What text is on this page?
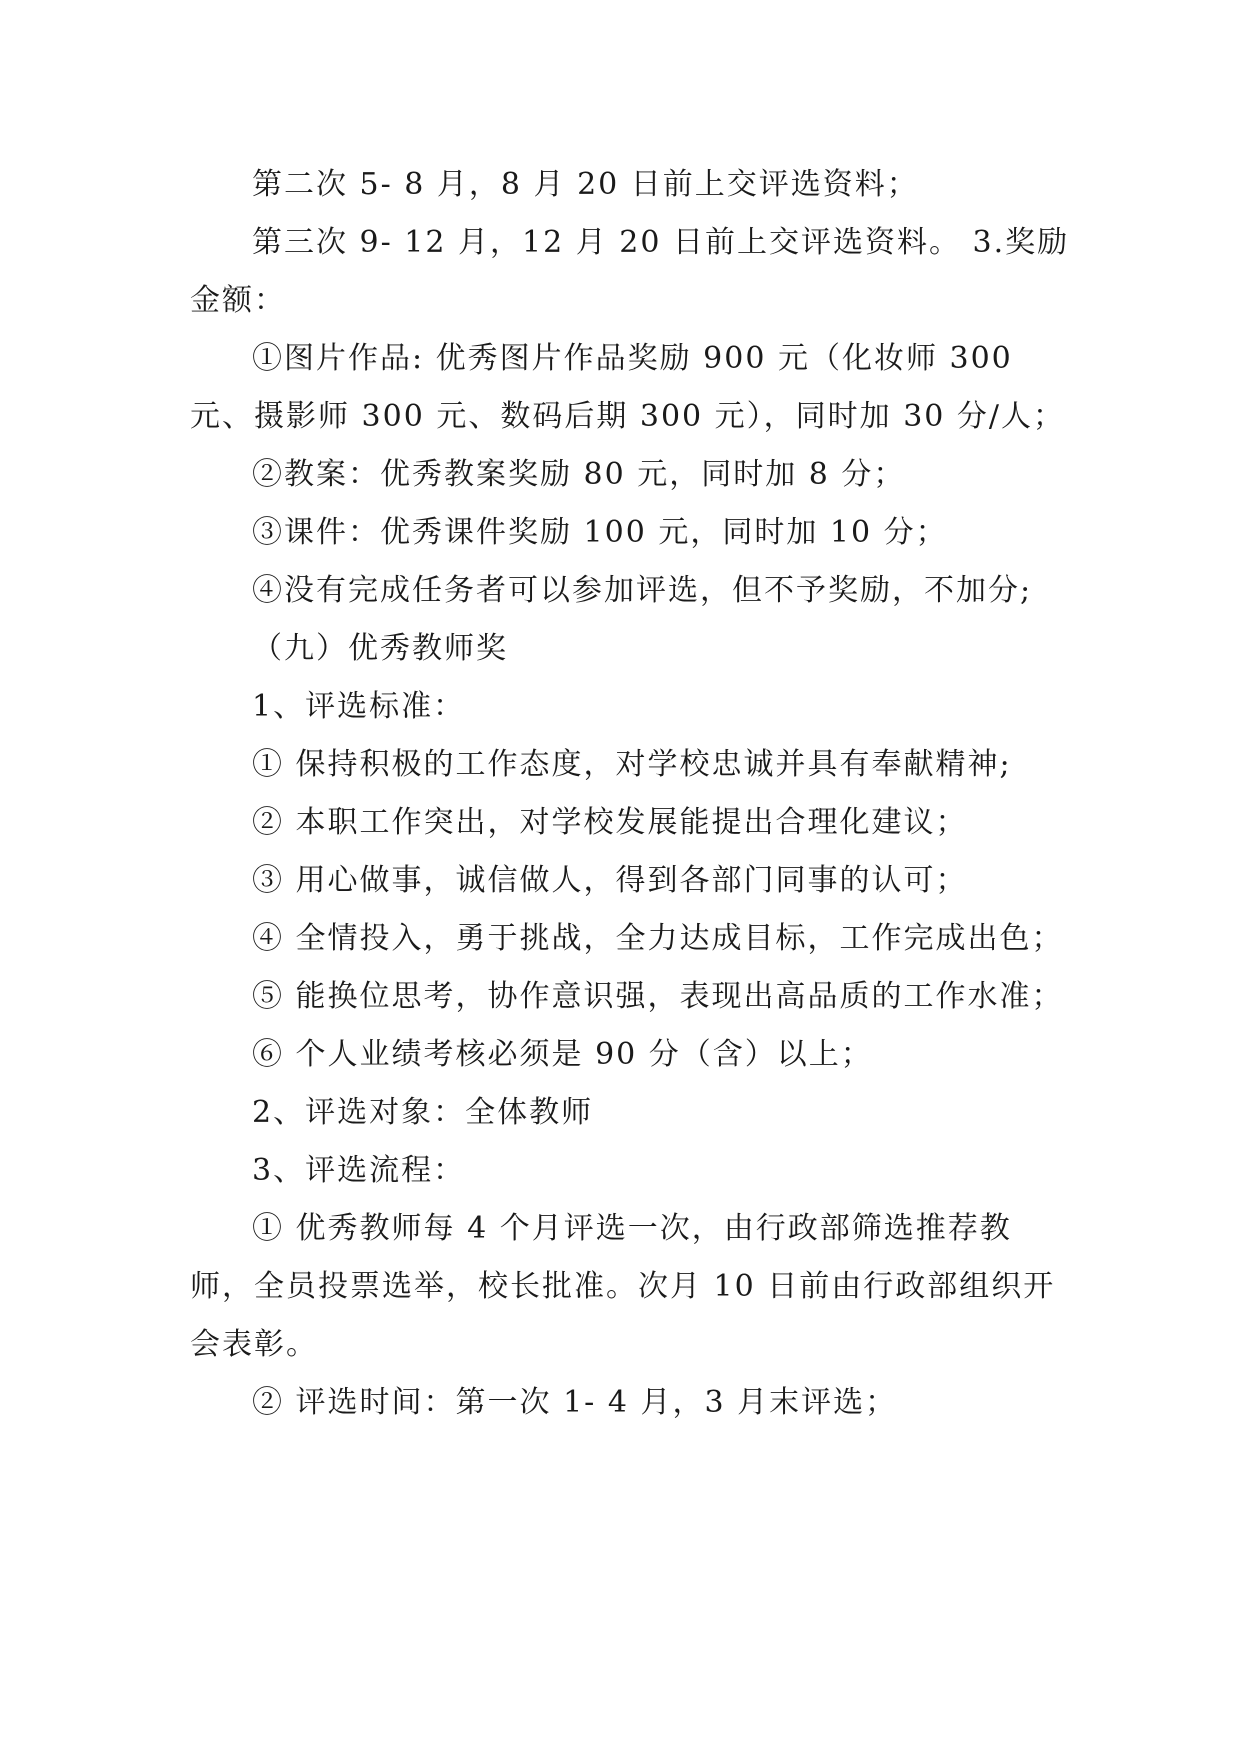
第二次 5- 8 月，8 月 20 日前上交评选资料；

第三次 9- 12 月，12 月 20 日前上交评选资料。 3.奖励金额：

①图片作品: 优秀图片作品奖励 900 元（化妆师 300 元、摄影师 300 元、数码后期 300 元），同时加 30 分/人；

②教案：优秀教案奖励 80 元，同时加 8 分；

③课件：优秀课件奖励 100 元，同时加 10 分；

④没有完成任务者可以参加评选，但不予奖励，不加分;

（九）优秀教师奖

1、评选标准：

① 保持积极的工作态度，对学校忠诚并具有奉献精神;

② 本职工作突出，对学校发展能提出合理化建议；

③ 用心做事，诚信做人，得到各部门同事的认可；

④ 全情投入，勇于挑战，全力达成目标，工作完成出色；

⑤ 能换位思考，协作意识强，表现出高品质的工作水准；

⑥ 个人业绩考核必须是 90 分（含）以上；

2、评选对象：全体教师

3、评选流程：

① 优秀教师每 4 个月评选一次，由行政部筛选推荐教师，全员投票选举，校长批准。次月 10 日前由行政部组织开会表彰。

② 评选时间：第一次 1- 4 月，3 月末评选；
